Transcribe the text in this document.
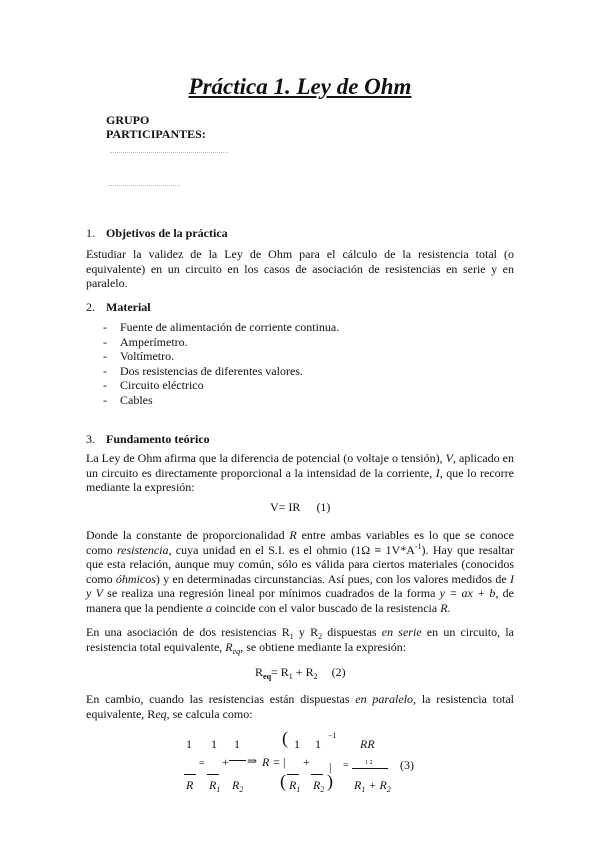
Práctica 1. Ley de Ohm
GRUPO
PARTICIPANTES:
1. Objetivos de la práctica
Estudiar la validez de la Ley de Ohm para el cálculo de la resistencia total (o equivalente) en un circuito en los casos de asociación de resistencias en serie y en paralelo.
2. Material
- Fuente de alimentación de corriente continua.
- Amperímetro.
- Voltímetro.
- Dos resistencias de diferentes valores.
- Circuito eléctrico
- Cables
3. Fundamento teórico
La Ley de Ohm afirma que la diferencia de potencial (o voltaje o tensión), V, aplicado en un circuito es directamente proporcional a la intensidad de la corriente, I, que lo recorre mediante la expresión:
V= IR (1)
Donde la constante de proporcionalidad R entre ambas variables es lo que se conoce como resistencia, cuya unidad en el S.I. es el ohmio $(1\Omega \equiv 1V*A^{-1})$. Hay que resaltar que esta relación, aunque muy común, sólo es válida para ciertos materiales (conocidos como óhmicos) y en determinadas circunstancias. Así pues, con los valores medidos de I y V se realiza una regresión lineal por mínimos cuadrados de la forma y = ax + b, de manera que la pendiente a coincide con el valor buscado de la resistencia R.
En una asociación de dos resistencias $R_1$ y $R_2$ dispuestas en serie en un circuito, la resistencia total equivalente, $R_{eq}$, se obtiene mediante la expresión:
$R_{eq}= R_1 + R_2$ (2)
En cambio, cuando las resistencias están dispuestas en paralelo, la resistencia total equivalente, Req, se calcula como:
1 1 1 ( 1 1
−1
RR
= + ⇒ R = | + | =	1 2 (3)
R $R_1$ $R_2$ ( $R_1$ $R_2$ ) $R_1 + R_2$
